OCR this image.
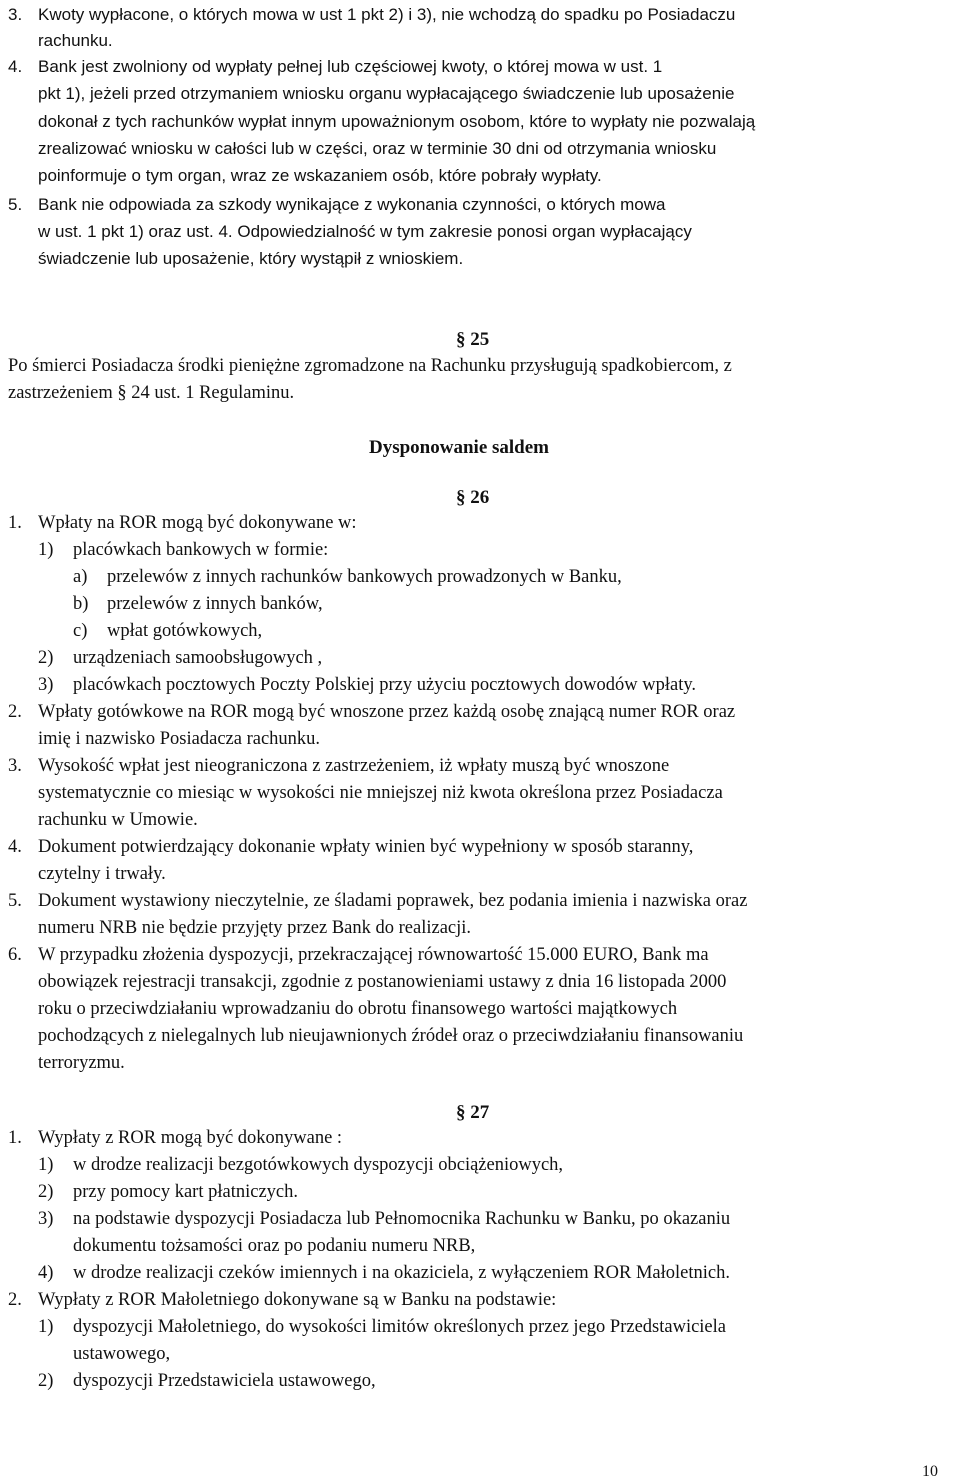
3. Kwoty wypłacone, o których mowa w ust 1 pkt 2) i 3), nie wchodzą do spadku po Posiadaczu
rachunku.
4. Bank jest zwolniony od wypłaty pełnej lub częściowej kwoty, o której mowa w ust. 1
pkt 1), jeżeli przed otrzymaniem wniosku organu wypłacającego świadczenie lub uposażenie
dokonał z tych rachunków wypłat innym upoważnionym osobom, które to wypłaty nie pozwalają
zrealizować wniosku w całości lub w części, oraz w terminie 30 dni od otrzymania wniosku
poinformuje o tym organ, wraz ze wskazaniem osób, które pobrały wypłaty.
5. Bank nie odpowiada za szkody wynikające z wykonania czynności, o których mowa
w ust. 1 pkt 1) oraz ust. 4. Odpowiedzialność w tym zakresie ponosi organ wypłacający
świadczenie lub uposażenie, który wystąpił z wnioskiem.
§ 25
Po śmierci Posiadacza środki pieniężne zgromadzone na Rachunku przysługują spadkobiercom, z
zastrzeżeniem § 24 ust. 1 Regulaminu.
Dysponowanie saldem
§ 26
1. Wpłaty na ROR mogą być dokonywane w:
1) placówkach bankowych w formie:
a) przelewów z innych rachunków bankowych prowadzonych w Banku,
b) przelewów z innych banków,
c) wpłat gotówkowych,
2) urządzeniach samoobsługowych ,
3) placówkach pocztowych Poczty Polskiej przy użyciu pocztowych dowodów wpłaty.
2. Wpłaty gotówkowe na ROR mogą być wnoszone przez każdą osobę znającą numer ROR oraz
imię i nazwisko Posiadacza rachunku.
3. Wysokość wpłat jest nieograniczona z zastrzeżeniem, iż wpłaty muszą być wnoszone
systematycznie co miesiąc w wysokości nie mniejszej niż kwota określona przez Posiadacza
rachunku w Umowie.
4. Dokument potwierdzający dokonanie wpłaty winien być wypełniony w sposób staranny,
czytelny i trwały.
5. Dokument wystawiony nieczytelnie, ze śladami poprawek, bez podania imienia i nazwiska oraz
numeru NRB nie będzie przyjęty przez Bank do realizacji.
6. W przypadku złożenia dyspozycji, przekraczającej równowartość 15.000 EURO, Bank ma
obowiązek rejestracji transakcji, zgodnie z postanowieniami ustawy z dnia 16 listopada 2000
roku o przeciwdziałaniu wprowadzaniu do obrotu finansowego wartości majątkowych
pochodzących z nielegalnych lub nieujawnionych źródeł oraz o przeciwdziałaniu finansowaniu
terroryzmu.
§ 27
1. Wypłaty z ROR mogą być dokonywane :
1) w drodze realizacji bezgotówkowych dyspozycji obciążeniowych,
2) przy pomocy kart płatniczych.
3) na podstawie dyspozycji Posiadacza lub Pełnomocnika Rachunku w Banku, po okazaniu
dokumentu tożsamości oraz po podaniu numeru NRB,
4) w drodze realizacji czeków imiennych i na okaziciela, z wyłączeniem ROR Małoletnich.
2. Wypłaty z ROR Małoletniego dokonywane są w Banku na podstawie:
1) dyspozycji Małoletniego, do wysokości limitów określonych przez jego Przedstawiciela
ustawowego,
2) dyspozycji Przedstawiciela ustawowego,
10
